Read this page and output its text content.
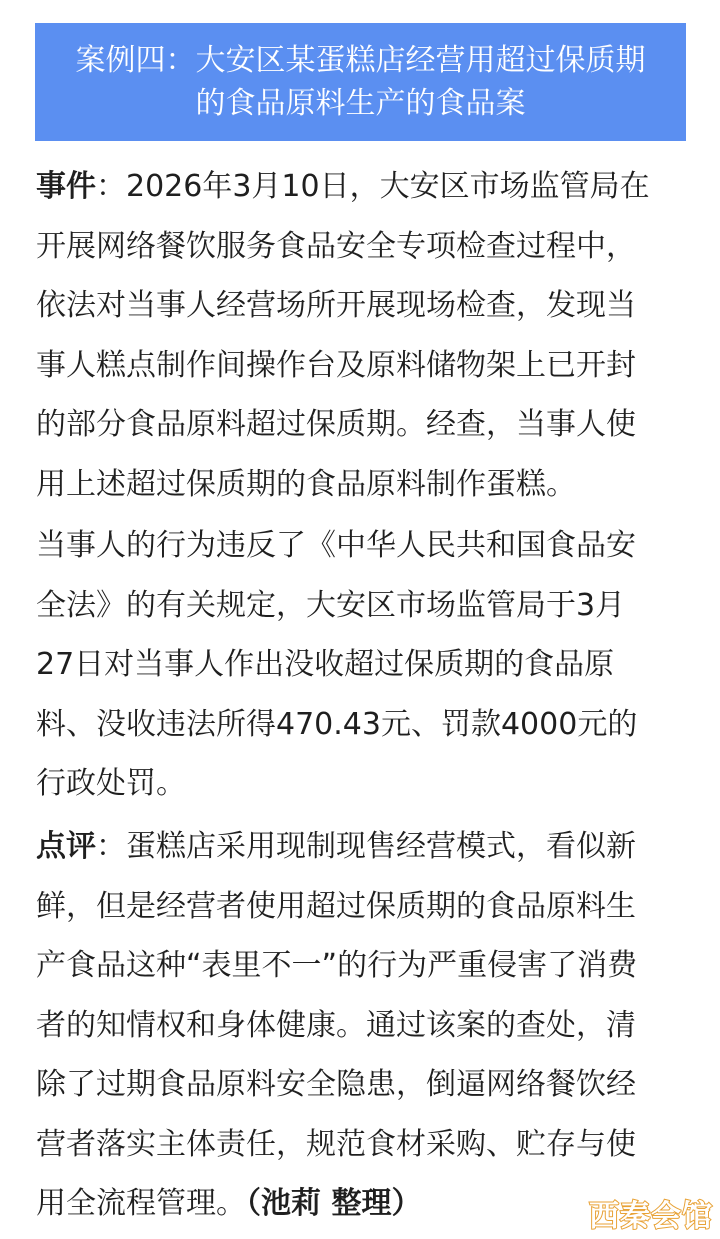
案例四：大安区某蛋糕店经营用超过保质期
的食品原料生产的食品案
事件：2026年3月10日，大安区市场监管局在
开展网络餐饮服务食品安全专项检查过程中，
依法对当事人经营场所开展现场检查，发现当
事人糕点制作间操作台及原料储物架上已开封
的部分食品原料超过保质期。经查，当事人使
用上述超过保质期的食品原料制作蛋糕。
当事人的行为违反了《中华人民共和国食品安
全法》的有关规定，大安区市场监管局于3月
27日对当事人作出没收超过保质期的食品原
料、没收违法所得470.43元、罚款4000元的
行政处罚。
点评：蛋糕店采用现制现售经营模式，看似新
鲜，但是经营者使用超过保质期的食品原料生
产食品这种“表里不一”的行为严重侵害了消费
者的知情权和身体健康。通过该案的查处，清
除了过期食品原料安全隐患，倒逼网络餐饮经
营者落实主体责任，规范食材采购、贮存与使
用全流程管理。（池莉 整理）	西 秦 会 馆
